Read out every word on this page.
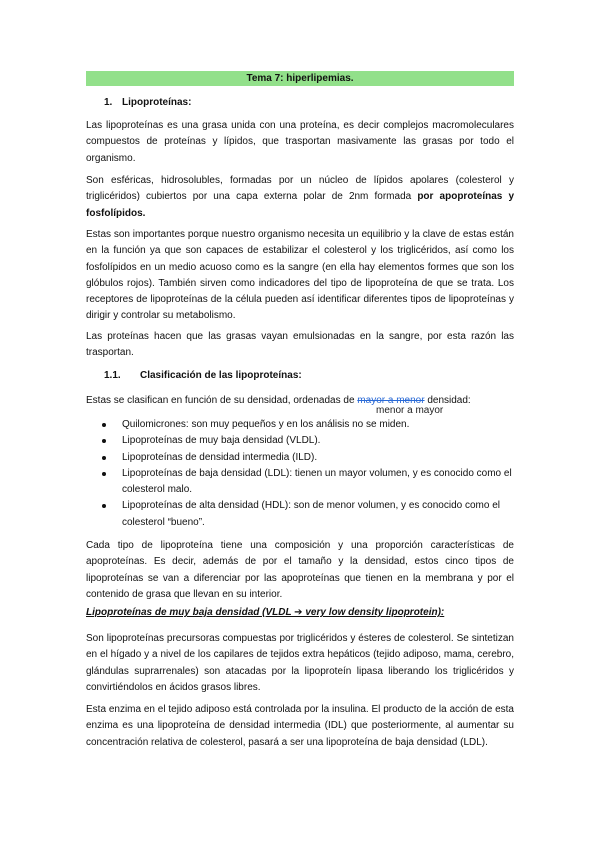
Tema 7: hiperlipemias.
1. Lipoproteínas:

Las lipoproteínas es una grasa unida con una proteína, es decir complejos macromoleculares compuestos de proteínas y lípidos, que trasportan masivamente las grasas por todo el organismo.

Son esféricas, hidrosolubles, formadas por un núcleo de lípidos apolares (colesterol y triglicéridos) cubiertos por una capa externa polar de 2nm formada por apoproteínas y fosfolípidos.

Estas son importantes porque nuestro organismo necesita un equilibrio y la clave de estas están en la función ya que son capaces de estabilizar el colesterol y los triglicéridos, así como los fosfolípidos en un medio acuoso como es la sangre (en ella hay elementos formes que son los glóbulos rojos). También sirven como indicadores del tipo de lipoproteína de que se trata. Los receptores de lipoproteínas de la célula pueden así identificar diferentes tipos de lipoproteínas y dirigir y controlar su metabolismo.

Las proteínas hacen que las grasas vayan emulsionadas en la sangre, por esta razón las trasportan.

1.1. Clasificación de las lipoproteínas:

Estas se clasifican en función de su densidad, ordenadas de mayor a menor densidad:

menor a mayor
Quilomicrones: son muy pequeños y en los análisis no se miden.
Lipoproteínas de muy baja densidad (VLDL).
Lipoproteínas de densidad intermedia (ILD).
Lipoproteínas de baja densidad (LDL): tienen un mayor volumen, y es conocido como el colesterol malo.
Lipoproteínas de alta densidad (HDL): son de menor volumen, y es conocido como el colesterol “bueno”.

Cada tipo de lipoproteína tiene una composición y una proporción características de apoproteínas. Es decir, además de por el tamaño y la densidad, estos cinco tipos de lipoproteínas se van a diferenciar por las apoproteínas que tienen en la membrana y por el contenido de grasa que llevan en su interior.

Lipoproteínas de muy baja densidad (VLDL ➔ very low density lipoprotein):

Son lipoproteínas precursoras compuestas por triglicéridos y ésteres de colesterol. Se sintetizan en el hígado y a nivel de los capilares de tejidos extra hepáticos (tejido adiposo, mama, cerebro, glándulas suprarrenales) son atacadas por la lipoproteín lipasa liberando los triglicéridos y convirtiéndolos en ácidos grasos libres.

Esta enzima en el tejido adiposo está controlada por la insulina. El producto de la acción de esta enzima es una lipoproteína de densidad intermedia (IDL) que posteriormente, al aumentar su concentración relativa de colesterol, pasará a ser una lipoproteína de baja densidad (LDL).
